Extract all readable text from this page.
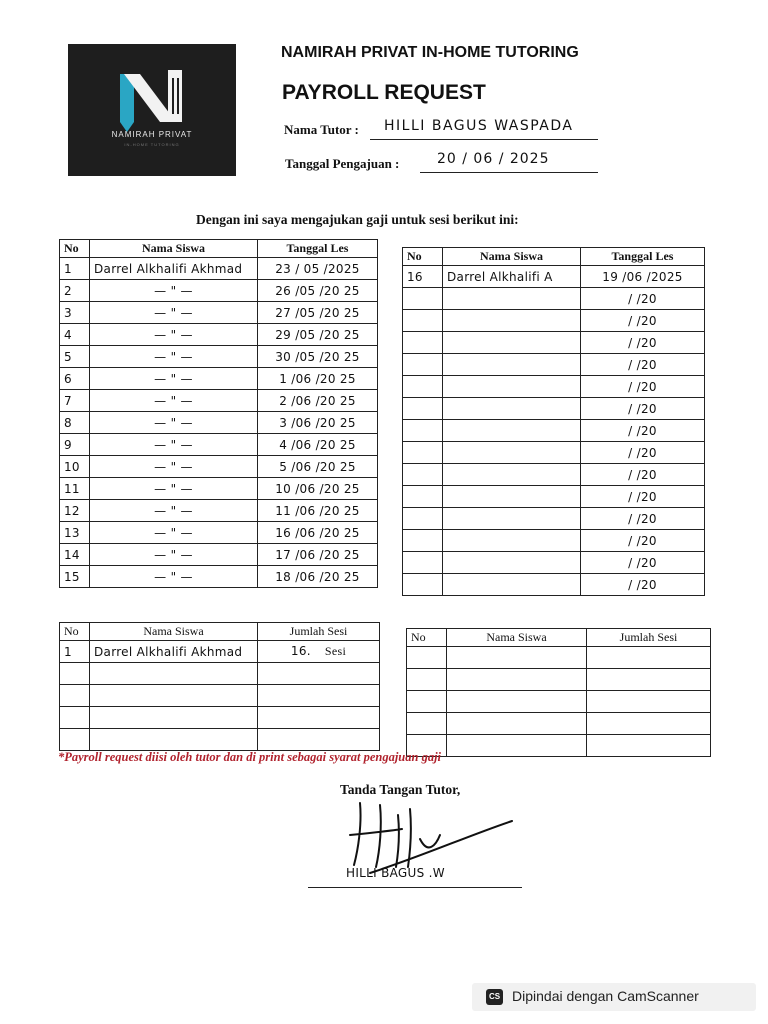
NAMIRAH PRIVAT
IN-HOME TUTORING
NAMIRAH PRIVAT IN-HOME TUTORING
PAYROLL REQUEST
Nama Tutor : HILLI BAGUS WASPADA
Tanggal Pengajuan :	20 / 06 / 2025
Dengan ini saya mengajukan gaji untuk sesi berikut ini:
No	Nama Siswa	Tanggal Les
1	Darrel Alkhalifi Akhmad	23 / 05 /2025
2	— " —	26 /05 /20 25
3	— " —	27 /05 /20 25
4	— " —	29 /05 /20 25
5	— " —	30 /05 /20 25
6	— " —	1 /06 /20 25
7	— " —	2 /06 /20 25
8	— " —	3 /06 /20 25
9	— " —	4 /06 /20 25
10	— " —	5 /06 /20 25
11	— " —	10 /06 /20 25
12	— " —	11 /06 /20 25
13	— " —	16 /06 /20 25
14	— " —	17 /06 /20 25
15	— " —	18 /06 /20 25
No	Nama Siswa	Tanggal Les
16	Darrel Alkhalifi A	19 /06 /2025
		/ /20
		/ /20
		/ /20
		/ /20
		/ /20
		/ /20
		/ /20
		/ /20
		/ /20
		/ /20
		/ /20
		/ /20
		/ /20
		/ /20
No	Nama Siswa	Jumlah Sesi
1	Darrel Alkhalifi Akhmad	16. Sesi

No	Nama Siswa	Jumlah Sesi

*Payroll request diisi oleh tutor dan di print sebagai syarat pengajuan gaji
Tanda Tangan Tutor,
HILLI BAGUS .W
CS Dipindai dengan CamScanner
